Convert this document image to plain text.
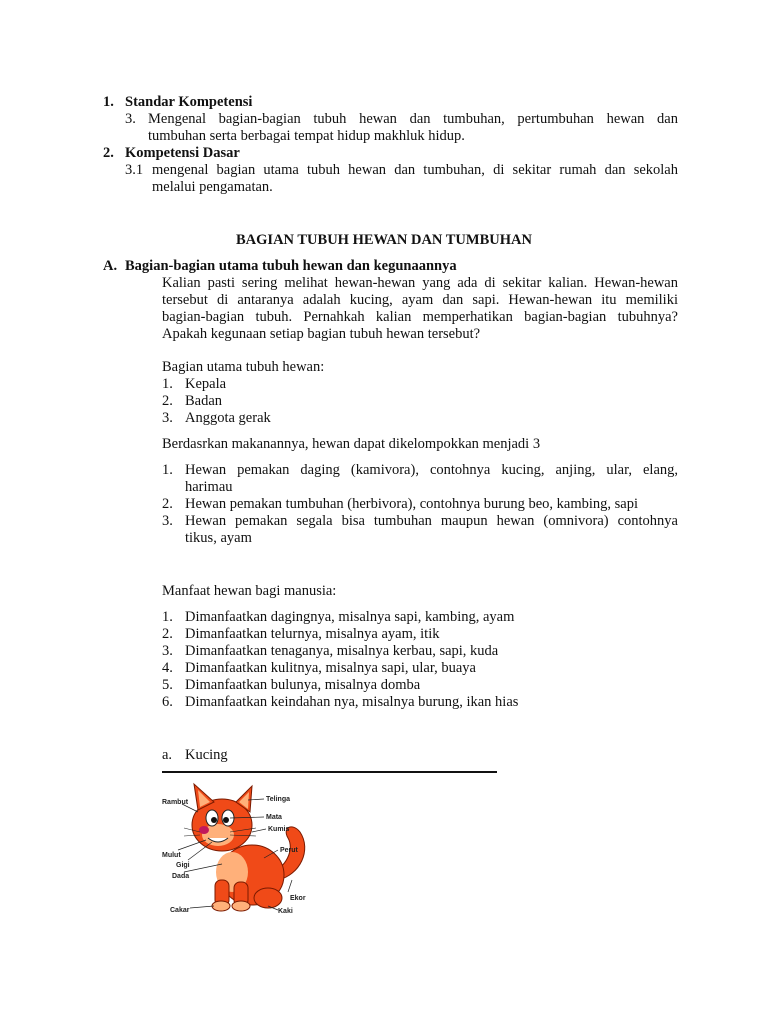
1. Standar Kompetensi
3. Mengenal bagian-bagian tubuh hewan dan tumbuhan, pertumbuhan hewan dan
tumbuhan serta berbagai tempat hidup makhluk hidup.
2. Kompetensi Dasar
3.1 mengenal bagian utama tubuh hewan dan tumbuhan, di sekitar rumah dan sekolah
melalui pengamatan.
BAGIAN TUBUH HEWAN DAN TUMBUHAN
A. Bagian-bagian utama tubuh hewan dan kegunaannya
Kalian pasti sering melihat hewan-hewan yang ada di sekitar kalian. Hewan-hewan
tersebut di antaranya adalah kucing, ayam dan sapi. Hewan-hewan itu memiliki
bagian-bagian tubuh. Pernahkah kalian memperhatikan bagian-bagian tubuhnya?
Apakah kegunaan setiap bagian tubuh hewan tersebut?
Bagian utama tubuh hewan:
1. Kepala
2. Badan
3. Anggota gerak
Berdasrkan makanannya, hewan dapat dikelompokkan menjadi 3
1. Hewan pemakan daging (kamivora), contohnya kucing, anjing, ular, elang,
harimau
2. Hewan pemakan tumbuhan (herbivora), contohnya burung beo, kambing, sapi
3. Hewan pemakan segala bisa tumbuhan maupun hewan (omnivora) contohnya
tikus, ayam
Manfaat hewan bagi manusia:
1. Dimanfaatkan dagingnya, misalnya sapi, kambing, ayam
2. Dimanfaatkan telurnya, misalnya ayam, itik
3. Dimanfaatkan tenaganya, misalnya kerbau, sapi, kuda
4. Dimanfaatkan kulitnya, misalnya sapi, ular, buaya
5. Dimanfaatkan bulunya, misalnya domba
6. Dimanfaatkan keindahan nya, misalnya burung, ikan hias
a. Kucing
Rambut	Telinga
Mata
Kumis
Perut
Mulut
Gigi
Dada
Ekor
Cakar	Kaki
